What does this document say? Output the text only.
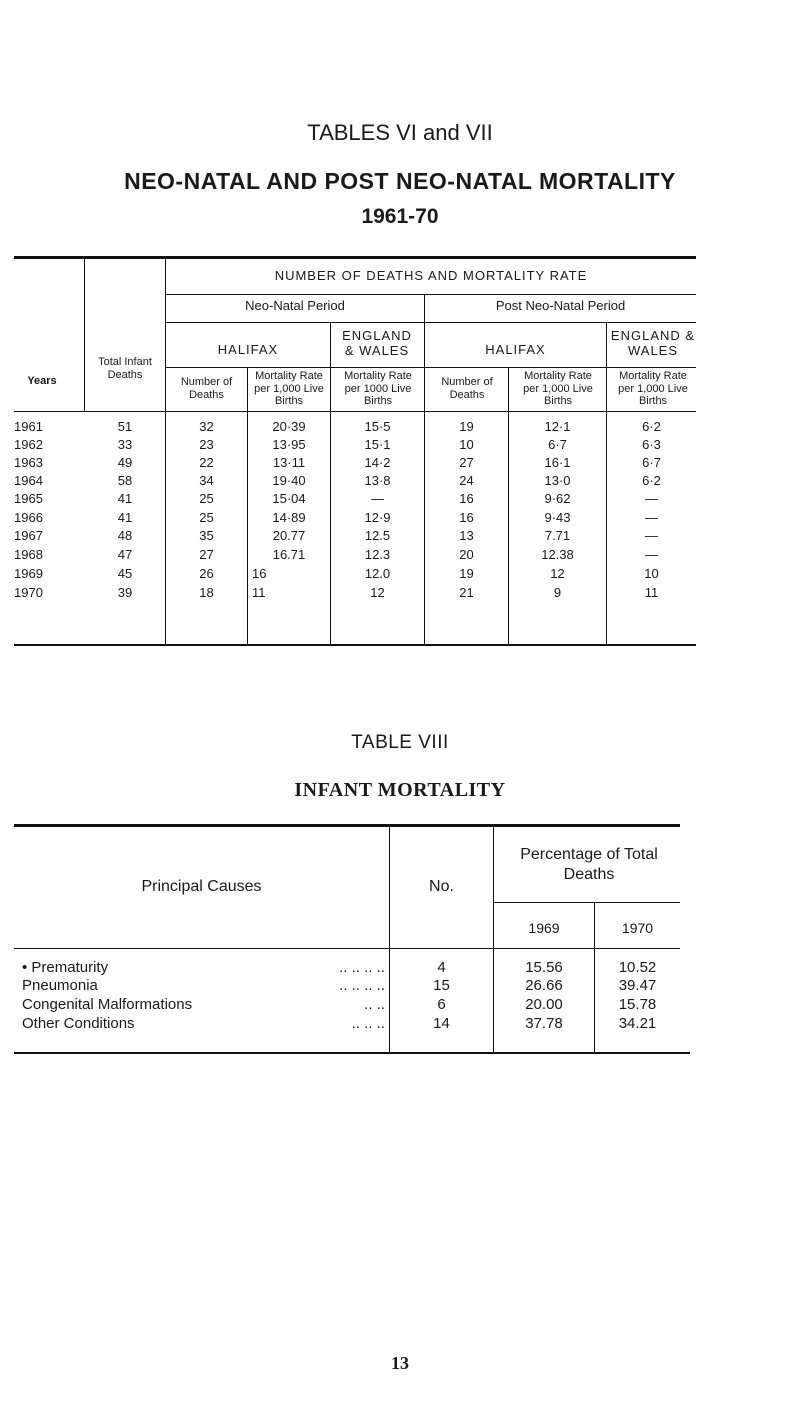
TABLES VI and VII
NEO-NATAL AND POST NEO-NATAL MORTALITY
1961-70
NUMBER OF DEATHS AND MORTALITY RATE
Neo-Natal Period	Post Neo-Natal Period
HALIFAX
ENGLAND & WALES	HALIFAX
ENGLAND & WALES
Years
Total Infant Deaths
Number of Deaths
Mortality Rate per 1,000 Live Births
Mortality Rate per 1000 Live Births
Number of Deaths
Mortality Rate per 1,000 Live Births
Mortality Rate per 1,000 Live Births
1961	51	32	20·39	15·5	19	12·1	6·2
1962	33	23	13·95	15·1	10	6·7	6·3
1963	49	22	13·11	14·2	27	16·1	6·7
1964	58	34	19·40	13·8	24	13·0	6·2
1965	41	25	15·04	—	16	9·62	—
1966	41	25	14·89	12·9	16	9·43	—
1967	48	35	20.77	12.5	13	7.71	—
1968	47	27	16.71	12.3	20	12.38	—
1969	45	26	16	12.0	19	12	10
1970	39	18	11	12	21	9	11
TABLE VIII
INFANT MORTALITY
Principal Causes	No.
Percentage of Total Deaths
1969	1970
• Prematurity	.. .. .. ..	4	15.56	10.52
Pneumonia	.. .. .. ..	15	26.66	39.47
Congenital Malformations	.. ..	6	20.00	15.78
Other Conditions	.. .. ..	14	37.78	34.21
13
